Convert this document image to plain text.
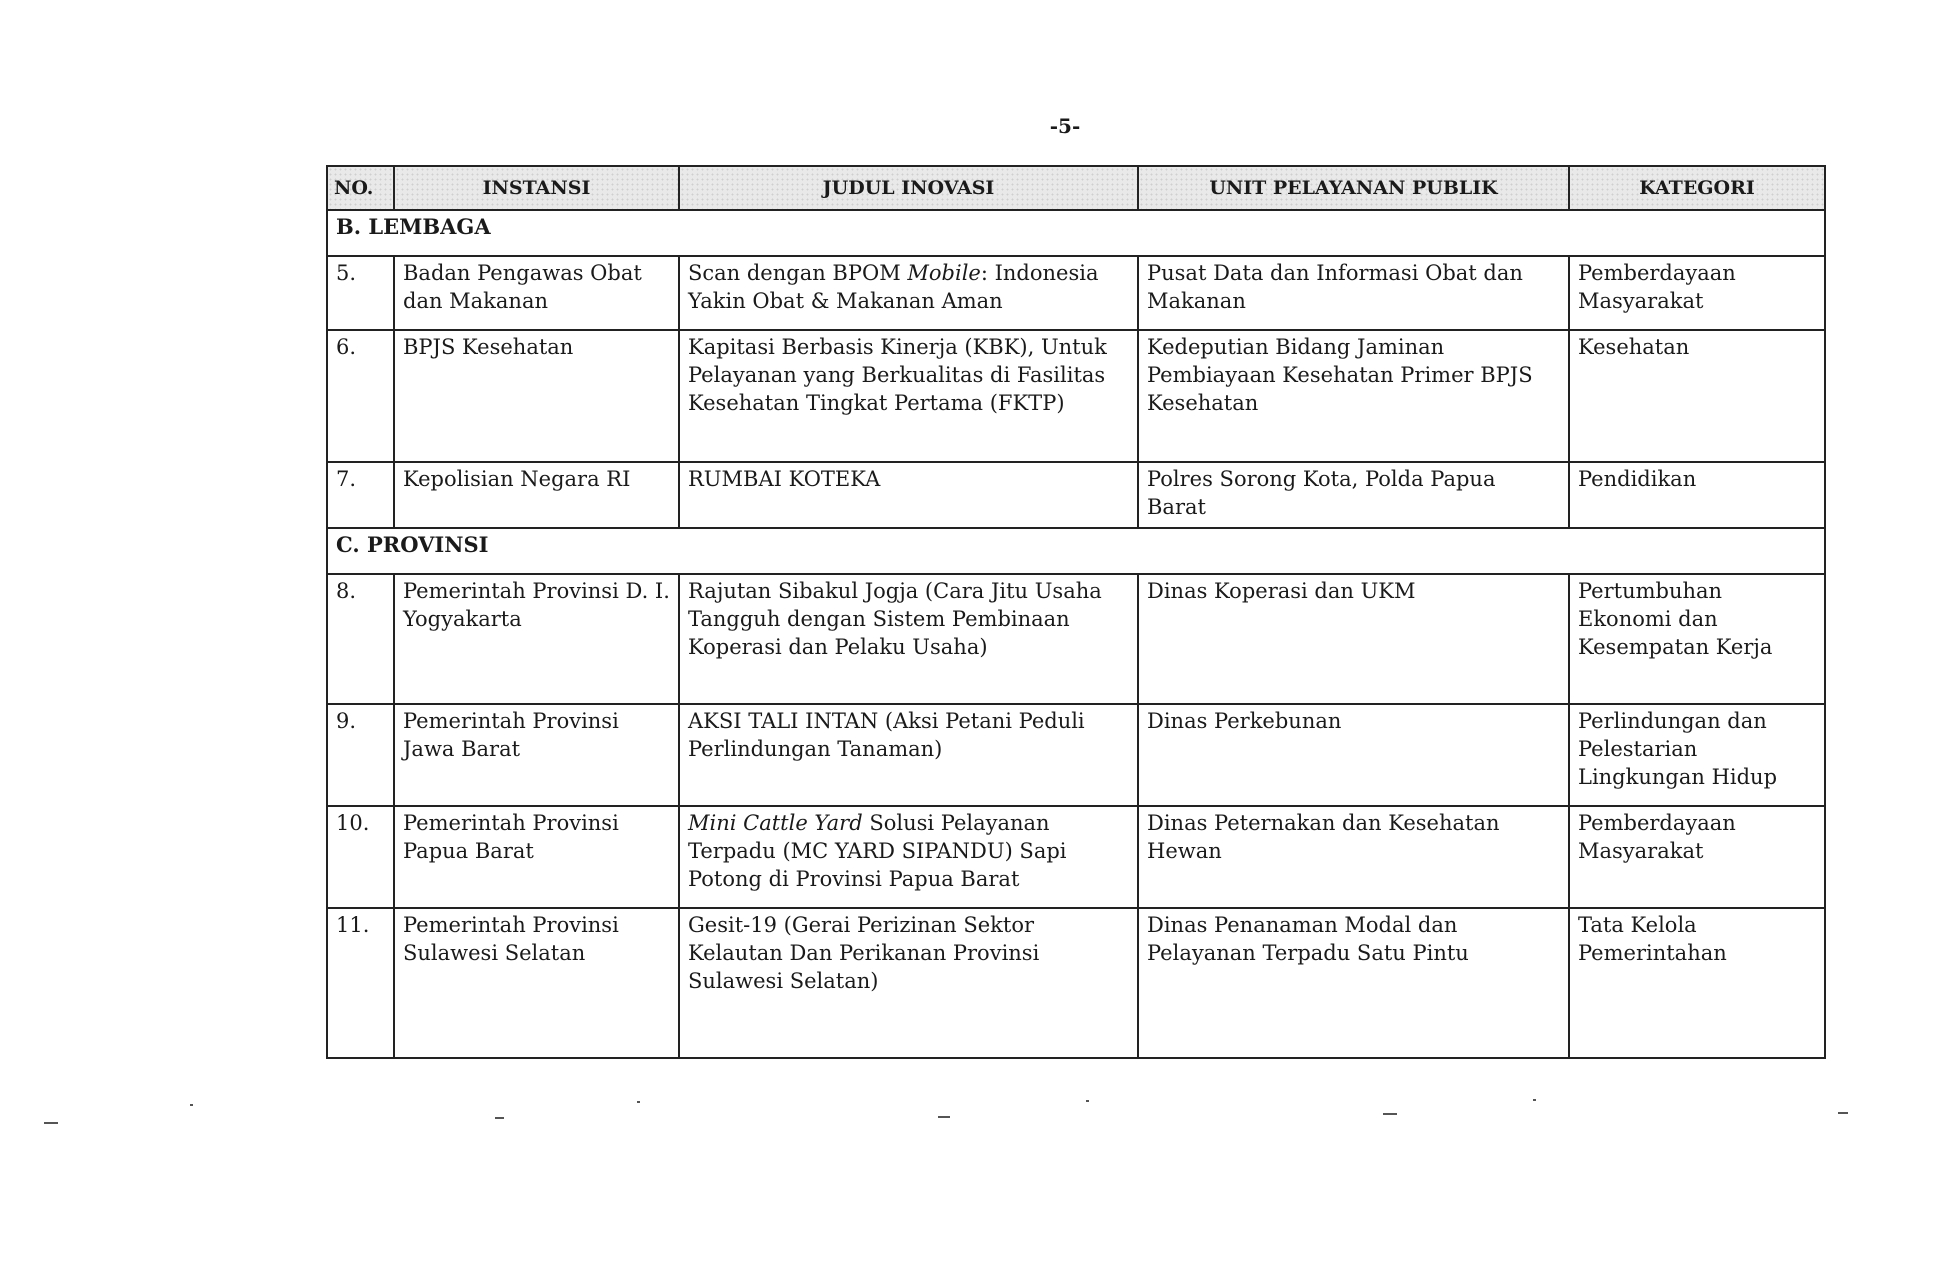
-5-
NO.	INSTANSI	JUDUL INOVASI	UNIT PELAYANAN PUBLIK	KATEGORI
B. LEMBAGA				
5.	Badan Pengawas Obat dan Makanan	Scan dengan BPOM Mobile: Indonesia Yakin Obat & Makanan Aman	Pusat Data dan Informasi Obat dan Makanan	Pemberdayaan Masyarakat
6.	BPJS Kesehatan	Kapitasi Berbasis Kinerja (KBK), Untuk Pelayanan yang Berkualitas di Fasilitas Kesehatan Tingkat Pertama (FKTP)	Kedeputian Bidang Jaminan Pembiayaan Kesehatan Primer BPJS Kesehatan	Kesehatan
7.	Kepolisian Negara RI	RUMBAI KOTEKA	Polres Sorong Kota, Polda Papua Barat	Pendidikan
C. PROVINSI				
8.	Pemerintah Provinsi D. I. Yogyakarta	Rajutan Sibakul Jogja (Cara Jitu Usaha Tangguh dengan Sistem Pembinaan Koperasi dan Pelaku Usaha)	Dinas Koperasi dan UKM	Pertumbuhan Ekonomi dan Kesempatan Kerja
9.	Pemerintah Provinsi Jawa Barat	AKSI TALI INTAN (Aksi Petani Peduli Perlindungan Tanaman)	Dinas Perkebunan	Perlindungan dan Pelestarian Lingkungan Hidup
10.	Pemerintah Provinsi Papua Barat	Mini Cattle Yard Solusi Pelayanan Terpadu (MC YARD SIPANDU) Sapi Potong di Provinsi Papua Barat	Dinas Peternakan dan Kesehatan Hewan	Pemberdayaan Masyarakat
11.	Pemerintah Provinsi Sulawesi Selatan	Gesit-19 (Gerai Perizinan Sektor Kelautan Dan Perikanan Provinsi Sulawesi Selatan)	Dinas Penanaman Modal dan Pelayanan Terpadu Satu Pintu	Tata Kelola Pemerintahan
